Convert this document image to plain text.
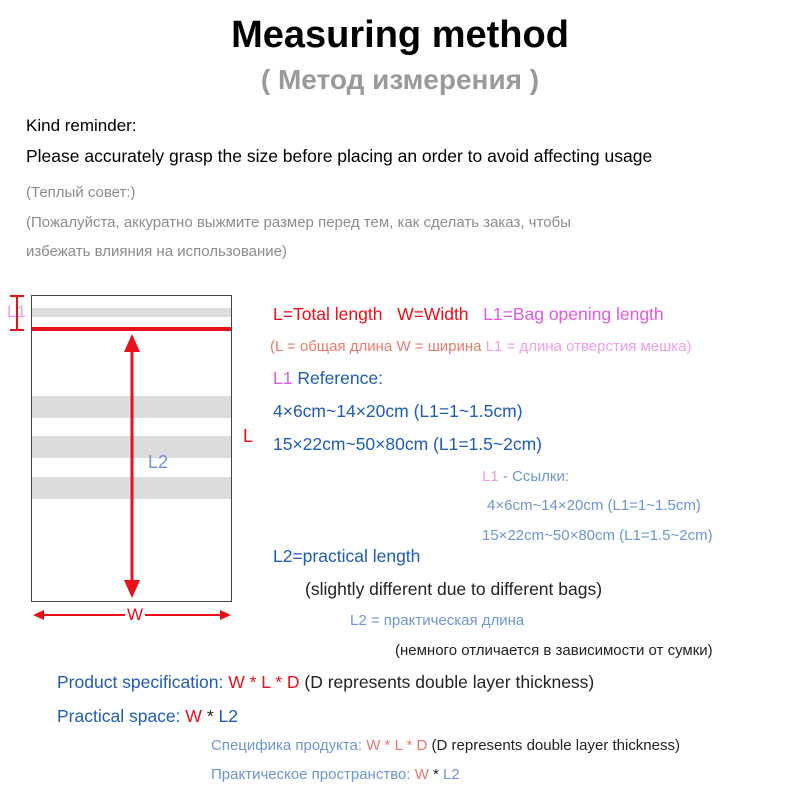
Measuring method
( Метод измерения )
Kind reminder:
Please accurately grasp the size before placing an order to avoid affecting usage
(Теплый совет:)
(Пожалуйста, аккуратно выжмите размер перед тем, как сделать заказ, чтобы
избежать влияния на использование)
L1
L
L2
W
L=Total length W=Width L1=Bag opening length
(L = общая длина W = ширина L1 = длина отверстия мешка)
L1 Reference:
4×6cm~14×20cm (L1=1~1.5cm)
15×22cm~50×80cm (L1=1.5~2cm)
L1 - Ссылки:
4×6cm~14×20cm (L1=1~1.5cm)
15×22cm~50×80cm (L1=1.5~2cm)
L2=practical length
(slightly different due to different bags)
L2 = практическая длина
(немного отличается в зависимости от сумки)
Product specification: W * L * D (D represents double layer thickness)
Practical space: W * L2
Специфика продукта: W * L * D (D represents double layer thickness)
Практическое пространство: W * L2
